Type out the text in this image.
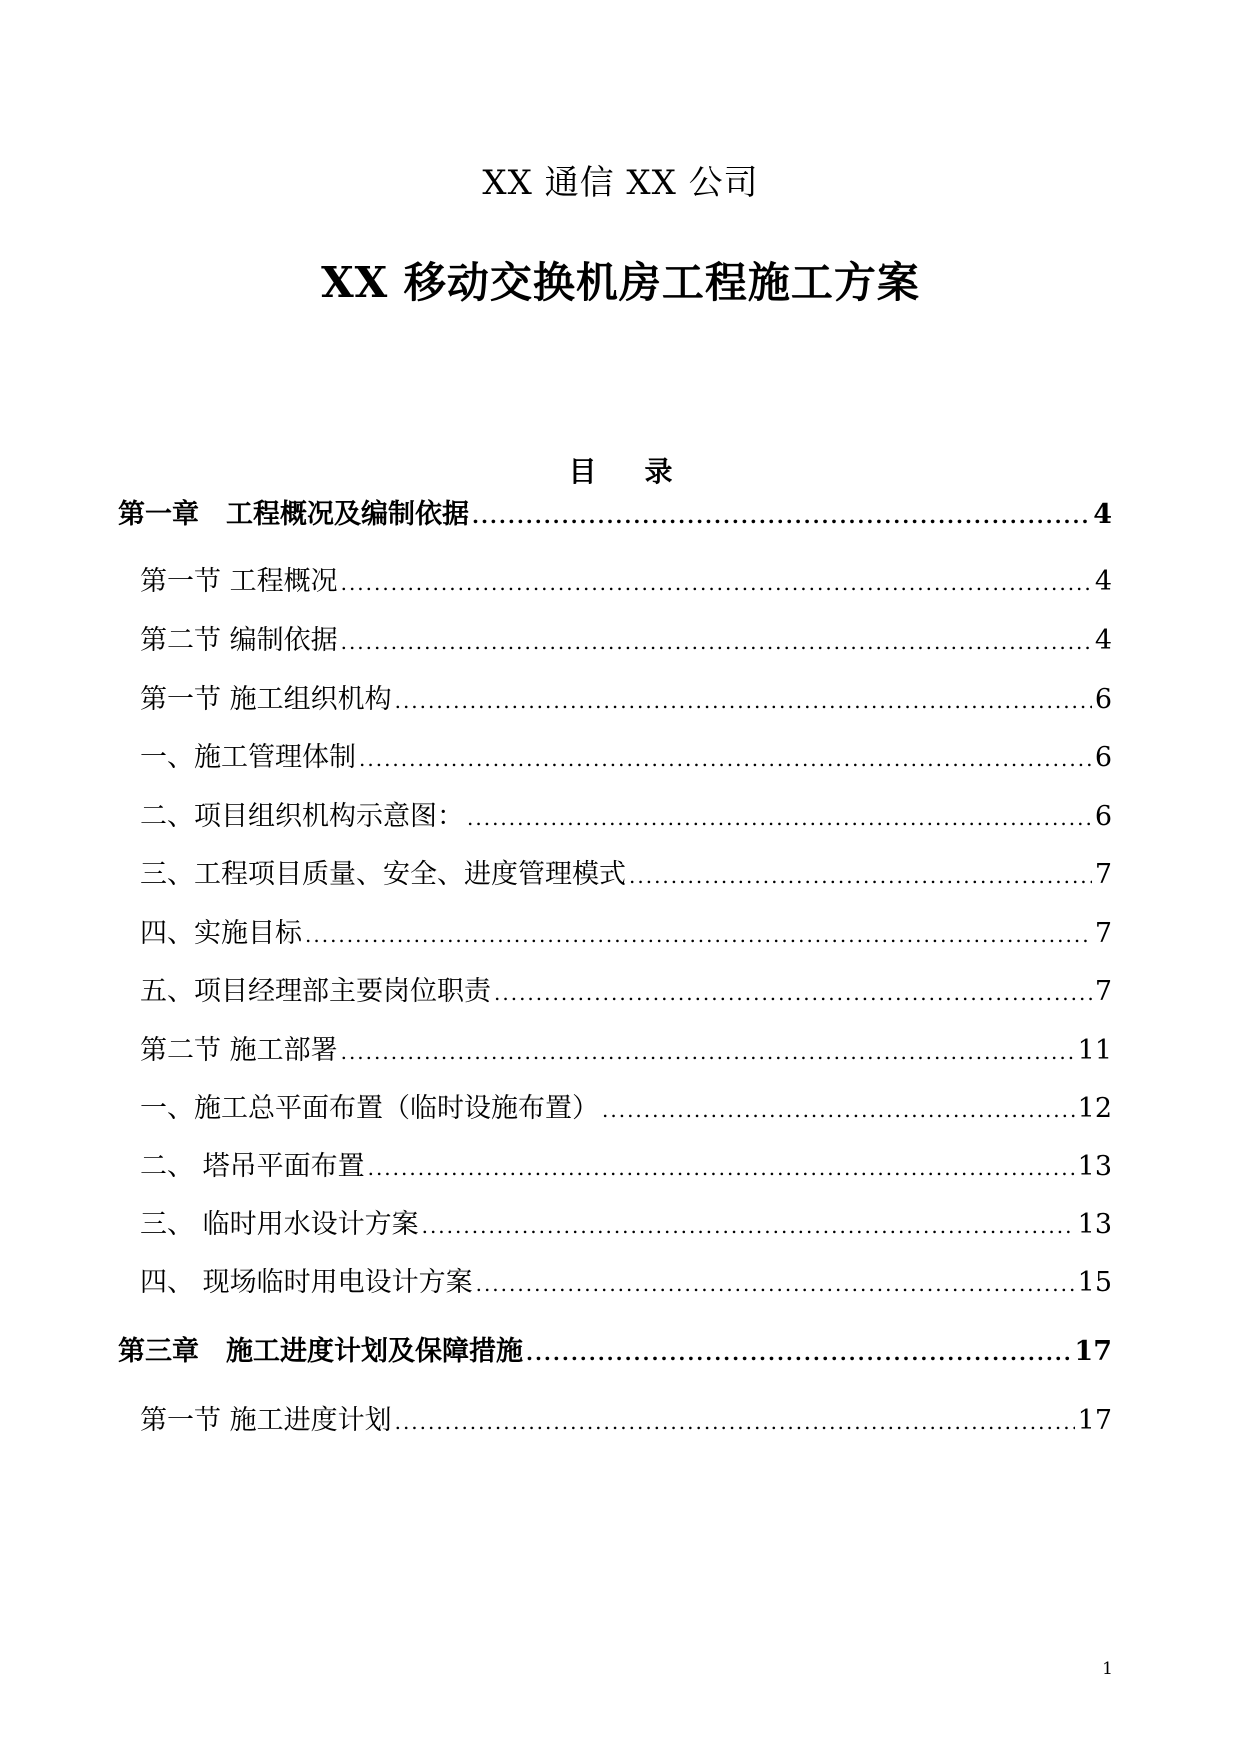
XX 通信 XX 公司
XX 移动交换机房工程施工方案
目 录
第一章　工程概况及编制依据 .....	4
第一节 工程概况 .....	4
第二节 编制依据 .....	4
第一节 施工组织机构 .....	6
一、施工管理体制 .....	6
二、项目组织机构示意图： .....	6
三、工程项目质量、安全、进度管理模式 .....	7
四、实施目标 .....	7
五、项目经理部主要岗位职责 .....	7
第二节 施工部署 .....	11
一、施工总平面布置（临时设施布置） .....	12
二、 塔吊平面布置 .....	13
三、 临时用水设计方案 .....	13
四、 现场临时用电设计方案 .....	15
第三章　施工进度计划及保障措施 .....	17
第一节 施工进度计划 .....	17
1
